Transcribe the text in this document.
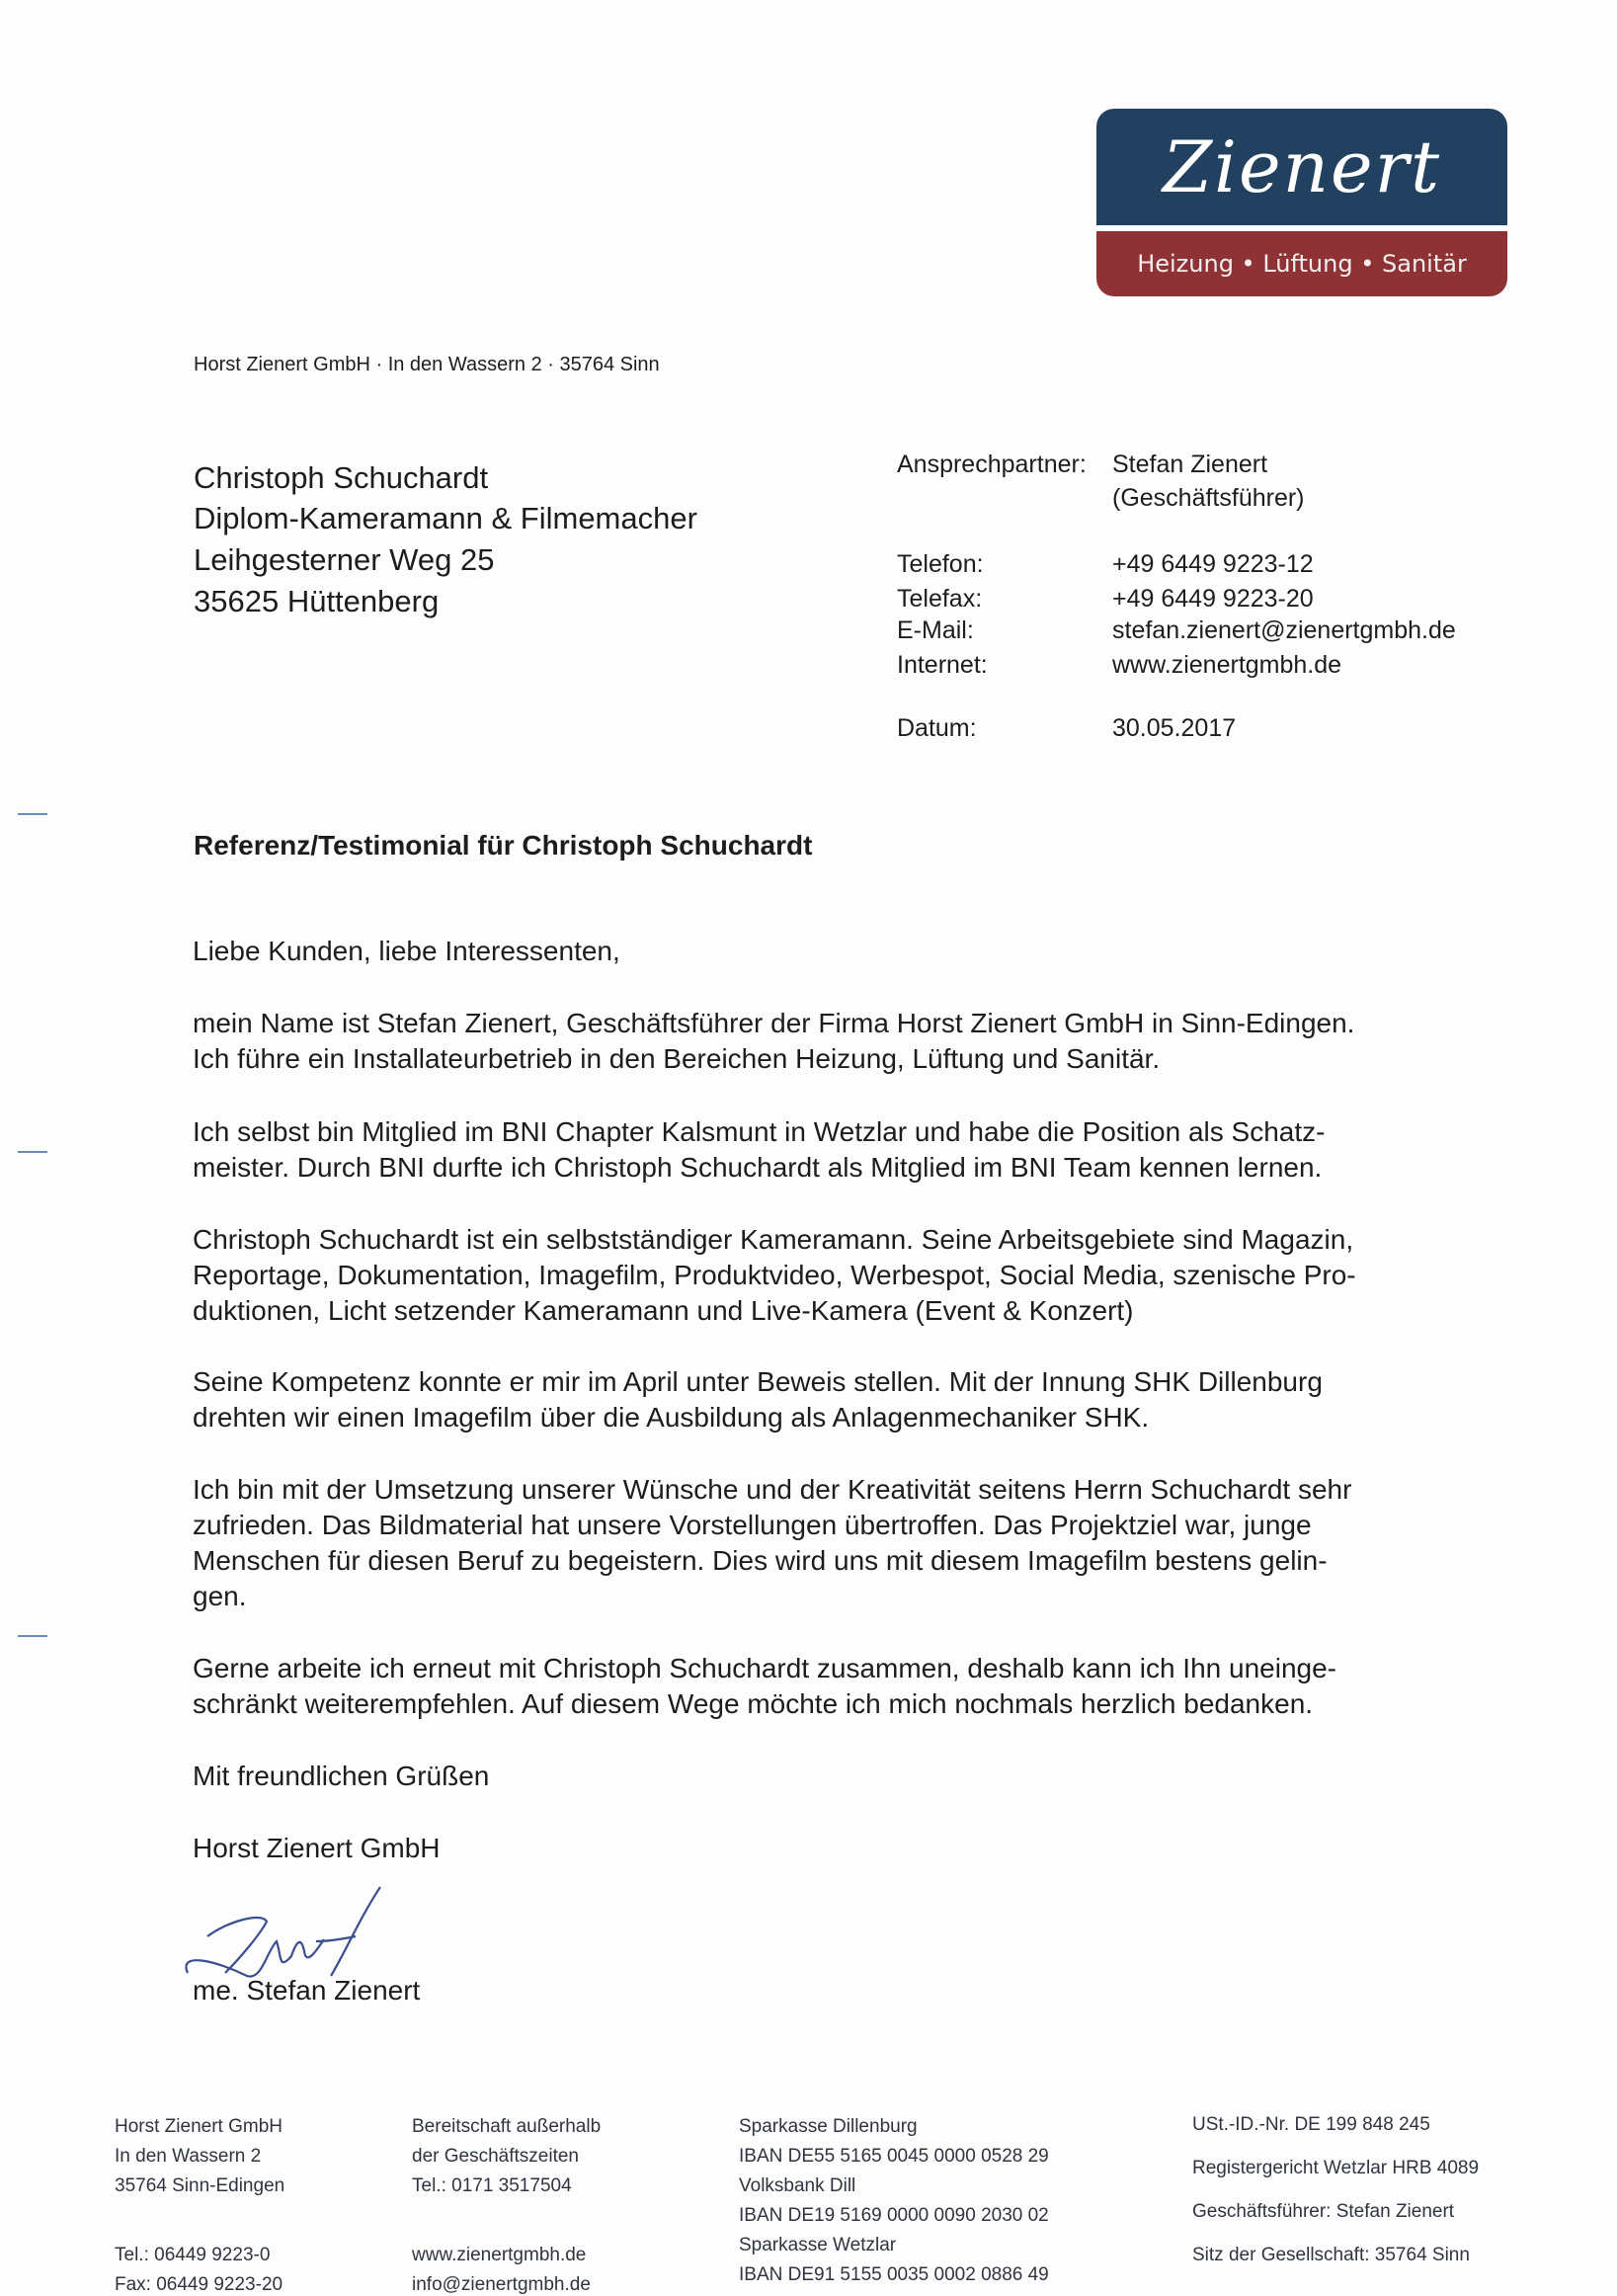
Zienert
Heizung • Lüftung • Sanitär
Horst Zienert GmbH · In den Wassern 2 · 35764 Sinn
Christoph Schuchardt
Diplom-Kameramann & Filmemacher
Leihgesterner Weg 25
35625 Hüttenberg
Ansprechpartner: Stefan Zienert
(Geschäftsführer)
Telefon:	+49 6449 9223-12
Telefax:	+49 6449 9223-20
E-Mail:	stefan.zienert@zienertgmbh.de
Internet:	www.zienertgmbh.de
Datum:	30.05.2017
Referenz/Testimonial für Christoph Schuchardt
Liebe Kunden, liebe Interessenten,
mein Name ist Stefan Zienert, Geschäftsführer der Firma Horst Zienert GmbH in Sinn-Edingen.
Ich führe ein Installateurbetrieb in den Bereichen Heizung, Lüftung und Sanitär.
Ich selbst bin Mitglied im BNI Chapter Kalsmunt in Wetzlar und habe die Position als Schatz-
meister. Durch BNI durfte ich Christoph Schuchardt als Mitglied im BNI Team kennen lernen.
Christoph Schuchardt ist ein selbstständiger Kameramann. Seine Arbeitsgebiete sind Magazin,
Reportage, Dokumentation, Imagefilm, Produktvideo, Werbespot, Social Media, szenische Pro-
duktionen, Licht setzender Kameramann und Live-Kamera (Event & Konzert)
Seine Kompetenz konnte er mir im April unter Beweis stellen. Mit der Innung SHK Dillenburg
drehten wir einen Imagefilm über die Ausbildung als Anlagenmechaniker SHK.
Ich bin mit der Umsetzung unserer Wünsche und der Kreativität seitens Herrn Schuchardt sehr
zufrieden. Das Bildmaterial hat unsere Vorstellungen übertroffen. Das Projektziel war, junge
Menschen für diesen Beruf zu begeistern. Dies wird uns mit diesem Imagefilm bestens gelin-
gen.
Gerne arbeite ich erneut mit Christoph Schuchardt zusammen, deshalb kann ich Ihn uneinge-
schränkt weiterempfehlen. Auf diesem Wege möchte ich mich nochmals herzlich bedanken.
Mit freundlichen Grüßen
Horst Zienert GmbH
me. Stefan Zienert
Horst Zienert GmbH
In den Wassern 2
35764 Sinn-Edingen
Tel.: 06449 9223-0
Fax: 06449 9223-20
Bereitschaft außerhalb
der Geschäftszeiten
Tel.: 0171 3517504
www.zienertgmbh.de
info@zienertgmbh.de
Sparkasse Dillenburg
IBAN DE55 5165 0045 0000 0528 29
Volksbank Dill
IBAN DE19 5169 0000 0090 2030 02
Sparkasse Wetzlar
IBAN DE91 5155 0035 0002 0886 49
USt.-ID.-Nr. DE 199 848 245
Registergericht Wetzlar HRB 4089
Geschäftsführer: Stefan Zienert
Sitz der Gesellschaft: 35764 Sinn
